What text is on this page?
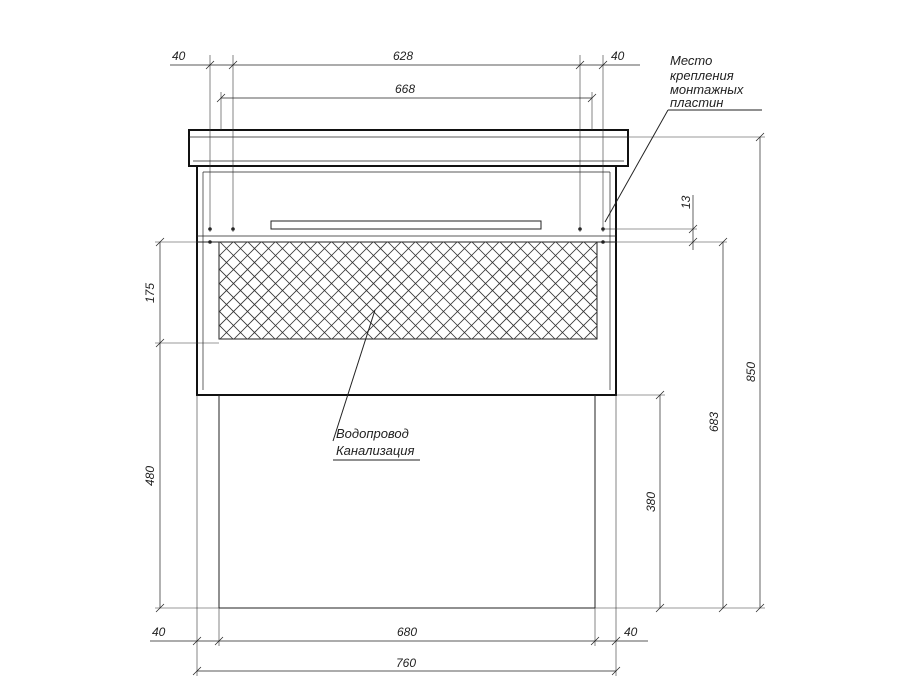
40	628	40
668
13
175
480
380
683
850
40	680	40
760
Место
крепления
монтажных
пластин
Водопровод
Канализация
